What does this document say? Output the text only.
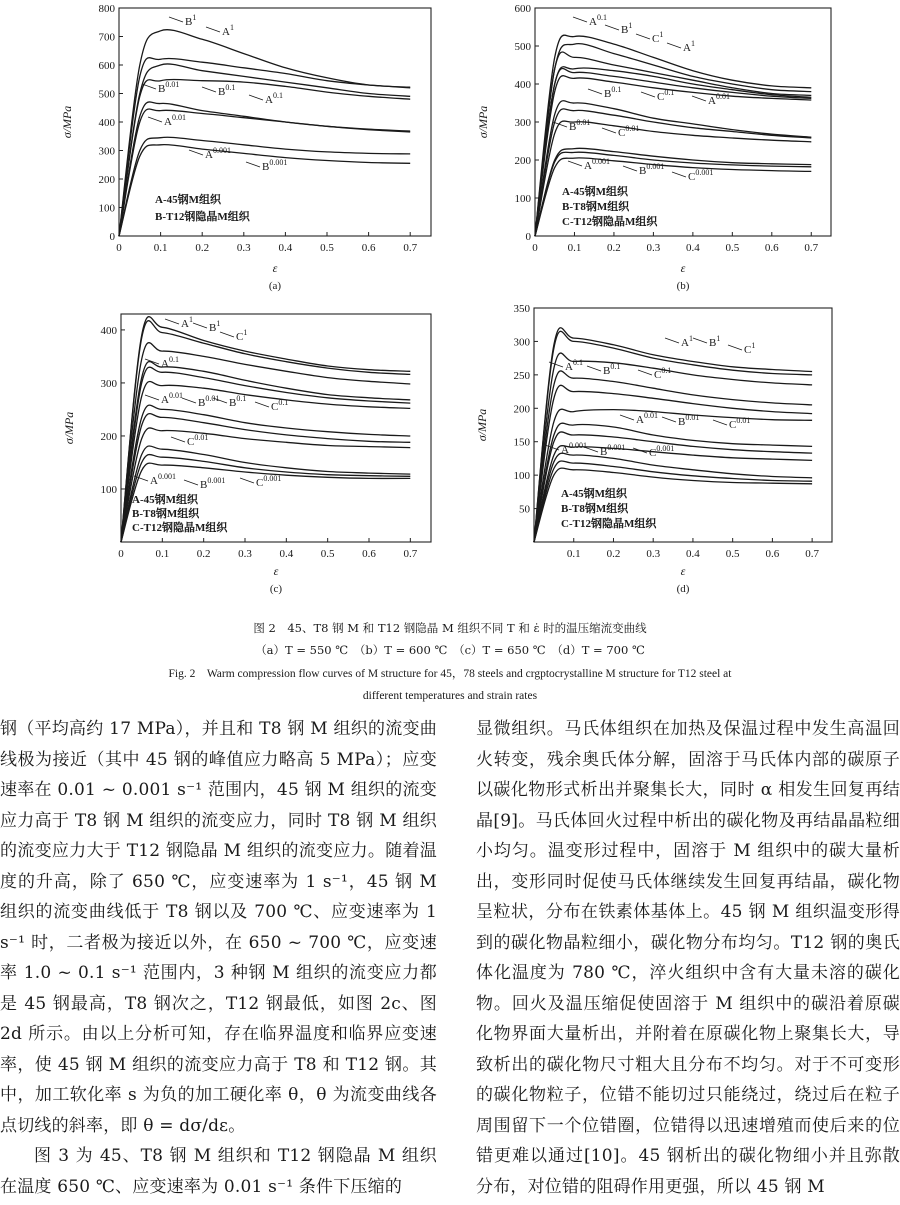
0
100
200
300
400
500
600
700
800
0	0.1	0.2	0.3	0.4	0.5	0.6	0.7
ε
σ/MPa
(a)
$B^1$
$A^1$
$B^{0.1}$
$A^{0.1}$
$B^{0.01}$
$A^{0.01}$
$A^{0.001}$
$B^{0.001}$
A-45钢M组织
B-T12钢隐晶M组织
0
100
200
300
400
500
600
0	0.1 0.2 0.3 0.4 0.5 0.6 0.7
ε
σ/MPa
(b)
$A^{0.1}$
$B^1$
$C^1$
$A^1$
$B^{0.1}$
$C^{0.1}$
$A^{0.01}$
$B^{0.01}$
$C^{0.01}$
$A^{0.001}$
$B^{0.001}$
$C^{0.001}$
A-45钢M组织
B-T8钢M组织
C-T12钢隐晶M组织
100
200
300
400
0	0.1	0.2	0.3	0.4	0.5	0.6	0.7
ε
σ/MPa
(c)
$A^1$
$B^1$
$C^1$
$A^{0.1}$
$B^{0.1}$
$C^{0.1}$
$A^{0.01}$
$B^{0.01}$
$C^{0.01}$
$A^{0.001}$
$B^{0.001}$	$C^{0.001}$
A-45钢M组织
B-T8钢M组织
C-T12钢隐晶M组织
50
100
150
200
250
300
350
0.1 0.2 0.3 0.4 0.5 0.6 0.7
ε
σ/MPa
(d)
$A^1$ $B^1$
$C^1$
$A^{0.1}$
$B^{0.1}$
$C^{0.1}$
$A^{0.01}$
$B^{0.01}$
$C^{0.01}$
$A^{0.001}$
$B^{0.001}$ $C^{0.001}$
A-45钢M组织
B-T8钢M组织
C-T12钢隐晶M组织
图 2　45、T8 钢 M 和 T12 钢隐晶 M 组织不同 T 和 ε̇ 时的温压缩流变曲线
（a）T = 550 ℃　（b）T = 600 ℃　（c）T = 650 ℃　（d）T = 700 ℃
Fig. 2　Warm compression flow curves of M structure for 45，78 steels and crgptocrystalline M structure for T12 steel at
different temperatures and strain rates

钢（平均高约 17 MPa），并且和 T8 钢 M 组织的流变曲线极为接近（其中 45 钢的峰值应力略高 5 MPa）；应变速率在 0.01 ~ 0.001 s⁻¹ 范围内，45 钢 M 组织的流变应力高于 T8 钢 M 组织的流变应力，同时 T8 钢 M 组织的流变应力大于 T12 钢隐晶 M 组织的流变应力。随着温度的升高，除了 650 ℃，应变速率为 1 s⁻¹，45 钢 M 组织的流变曲线低于 T8 钢以及 700 ℃、应变速率为 1 s⁻¹ 时，二者极为接近以外，在 650 ~ 700 ℃，应变速率 1.0 ~ 0.1 s⁻¹ 范围内，3 种钢 M 组织的流变应力都是 45 钢最高，T8 钢次之，T12 钢最低，如图 2c、图 2d 所示。由以上分析可知，存在临界温度和临界应变速率，使 45 钢 M 组织的流变应力高于 T8 和 T12 钢。其中，加工软化率 s 为负的加工硬化率 θ，θ 为流变曲线各点切线的斜率，即 θ = dσ/dε。

图 3 为 45、T8 钢 M 组织和 T12 钢隐晶 M 组织在温度 650 ℃、应变速率为 0.01 s⁻¹ 条件下压缩的

显微组织。马氏体组织在加热及保温过程中发生高温回火转变，残余奥氏体分解，固溶于马氏体内部的碳原子以碳化物形式析出并聚集长大，同时 α 相发生回复再结晶[9]。马氏体回火过程中析出的碳化物及再结晶晶粒细小均匀。温变形过程中，固溶于 M 组织中的碳大量析出，变形同时促使马氏体继续发生回复再结晶，碳化物呈粒状，分布在铁素体基体上。45 钢 M 组织温变形得到的碳化物晶粒细小，碳化物分布均匀。T12 钢的奥氏体化温度为 780 ℃，淬火组织中含有大量未溶的碳化物。回火及温压缩促使固溶于 M 组织中的碳沿着原碳化物界面大量析出，并附着在原碳化物上聚集长大，导致析出的碳化物尺寸粗大且分布不均匀。对于不可变形的碳化物粒子，位错不能切过只能绕过，绕过后在粒子周围留下一个位错圈，位错得以迅速增殖而使后来的位错更难以通过[10]。45 钢析出的碳化物细小并且弥散分布，对位错的阻碍作用更强，所以 45 钢 M
